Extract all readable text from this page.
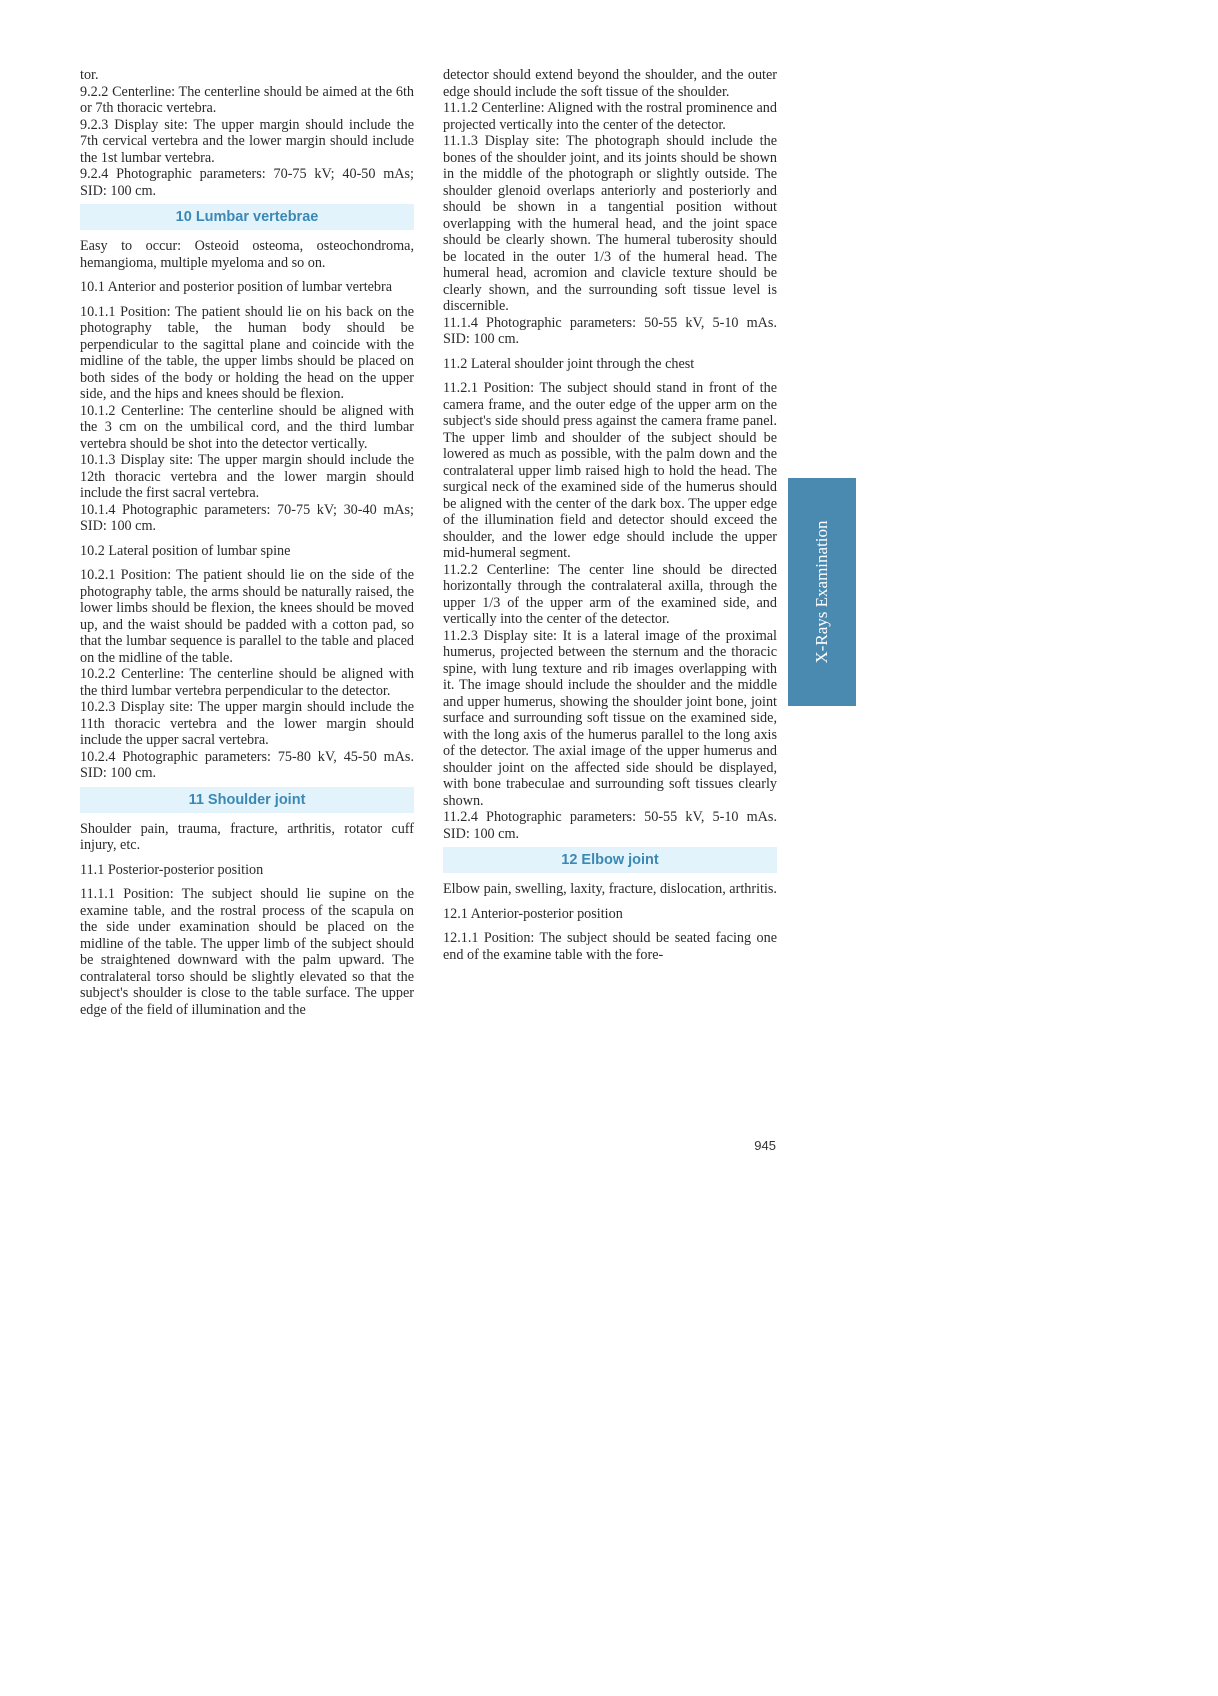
tor.

9.2.2 Centerline: The centerline should be aimed at the 6th or 7th thoracic vertebra.

9.2.3 Display site: The upper margin should include the 7th cervical vertebra and the lower margin should include the 1st lumbar vertebra.

9.2.4 Photographic parameters: 70-75 kV; 40-50 mAs; SID: 100 cm.

10 Lumbar vertebrae

Easy to occur: Osteoid osteoma, osteochondroma, hemangioma, multiple myeloma and so on.

10.1 Anterior and posterior position of lumbar vertebra

10.1.1 Position: The patient should lie on his back on the photography table, the human body should be perpendicular to the sagittal plane and coincide with the midline of the table, the upper limbs should be placed on both sides of the body or holding the head on the upper side, and the hips and knees should be flexion.

10.1.2 Centerline: The centerline should be aligned with the 3 cm on the umbilical cord, and the third lumbar vertebra should be shot into the detector vertically.

10.1.3 Display site: The upper margin should include the 12th thoracic vertebra and the lower margin should include the first sacral vertebra.

10.1.4 Photographic parameters: 70-75 kV; 30-40 mAs; SID: 100 cm.

10.2 Lateral position of lumbar spine

10.2.1 Position: The patient should lie on the side of the photography table, the arms should be naturally raised, the lower limbs should be flexion, the knees should be moved up, and the waist should be padded with a cotton pad, so that the lumbar sequence is parallel to the table and placed on the midline of the table.

10.2.2 Centerline: The centerline should be aligned with the third lumbar vertebra perpendicular to the detector.

10.2.3 Display site: The upper margin should include the 11th thoracic vertebra and the lower margin should include the upper sacral vertebra.

10.2.4 Photographic parameters: 75-80 kV, 45-50 mAs. SID: 100 cm.

11 Shoulder joint

Shoulder pain, trauma, fracture, arthritis, rotator cuff injury, etc.

11.1 Posterior-posterior position

11.1.1 Position: The subject should lie supine on the examine table, and the rostral process of the scapula on the side under examination should be placed on the midline of the table. The upper limb of the subject should be straightened downward with the palm upward. The contralateral torso should be slightly elevated so that the subject's shoulder is close to the table surface. The upper edge of the field of illumination and the

detector should extend beyond the shoulder, and the outer edge should include the soft tissue of the shoulder.

11.1.2 Centerline: Aligned with the rostral prominence and projected vertically into the center of the detector.

11.1.3 Display site: The photograph should include the bones of the shoulder joint, and its joints should be shown in the middle of the photograph or slightly outside. The shoulder glenoid overlaps anteriorly and posteriorly and should be shown in a tangential position without overlapping with the humeral head, and the joint space should be clearly shown. The humeral tuberosity should be located in the outer 1/3 of the humeral head. The humeral head, acromion and clavicle texture should be clearly shown, and the surrounding soft tissue level is discernible.

11.1.4 Photographic parameters: 50-55 kV, 5-10 mAs. SID: 100 cm.

11.2 Lateral shoulder joint through the chest

11.2.1 Position: The subject should stand in front of the camera frame, and the outer edge of the upper arm on the subject's side should press against the camera frame panel. The upper limb and shoulder of the subject should be lowered as much as possible, with the palm down and the contralateral upper limb raised high to hold the head. The surgical neck of the examined side of the humerus should be aligned with the center of the dark box. The upper edge of the illumination field and detector should exceed the shoulder, and the lower edge should include the upper mid-humeral segment.

11.2.2 Centerline: The center line should be directed horizontally through the contralateral axilla, through the upper 1/3 of the upper arm of the examined side, and vertically into the center of the detector.

11.2.3 Display site: It is a lateral image of the proximal humerus, projected between the sternum and the thoracic spine, with lung texture and rib images overlapping with it. The image should include the shoulder and the middle and upper humerus, showing the shoulder joint bone, joint surface and surrounding soft tissue on the examined side, with the long axis of the humerus parallel to the long axis of the detector. The axial image of the upper humerus and shoulder joint on the affected side should be displayed, with bone trabeculae and surrounding soft tissues clearly shown.

11.2.4 Photographic parameters: 50-55 kV, 5-10 mAs. SID: 100 cm.

12 Elbow joint

Elbow pain, swelling, laxity, fracture, dislocation, arthritis.

12.1 Anterior-posterior position

12.1.1 Position: The subject should be seated facing one end of the examine table with the fore-

X-Rays Examination
945
